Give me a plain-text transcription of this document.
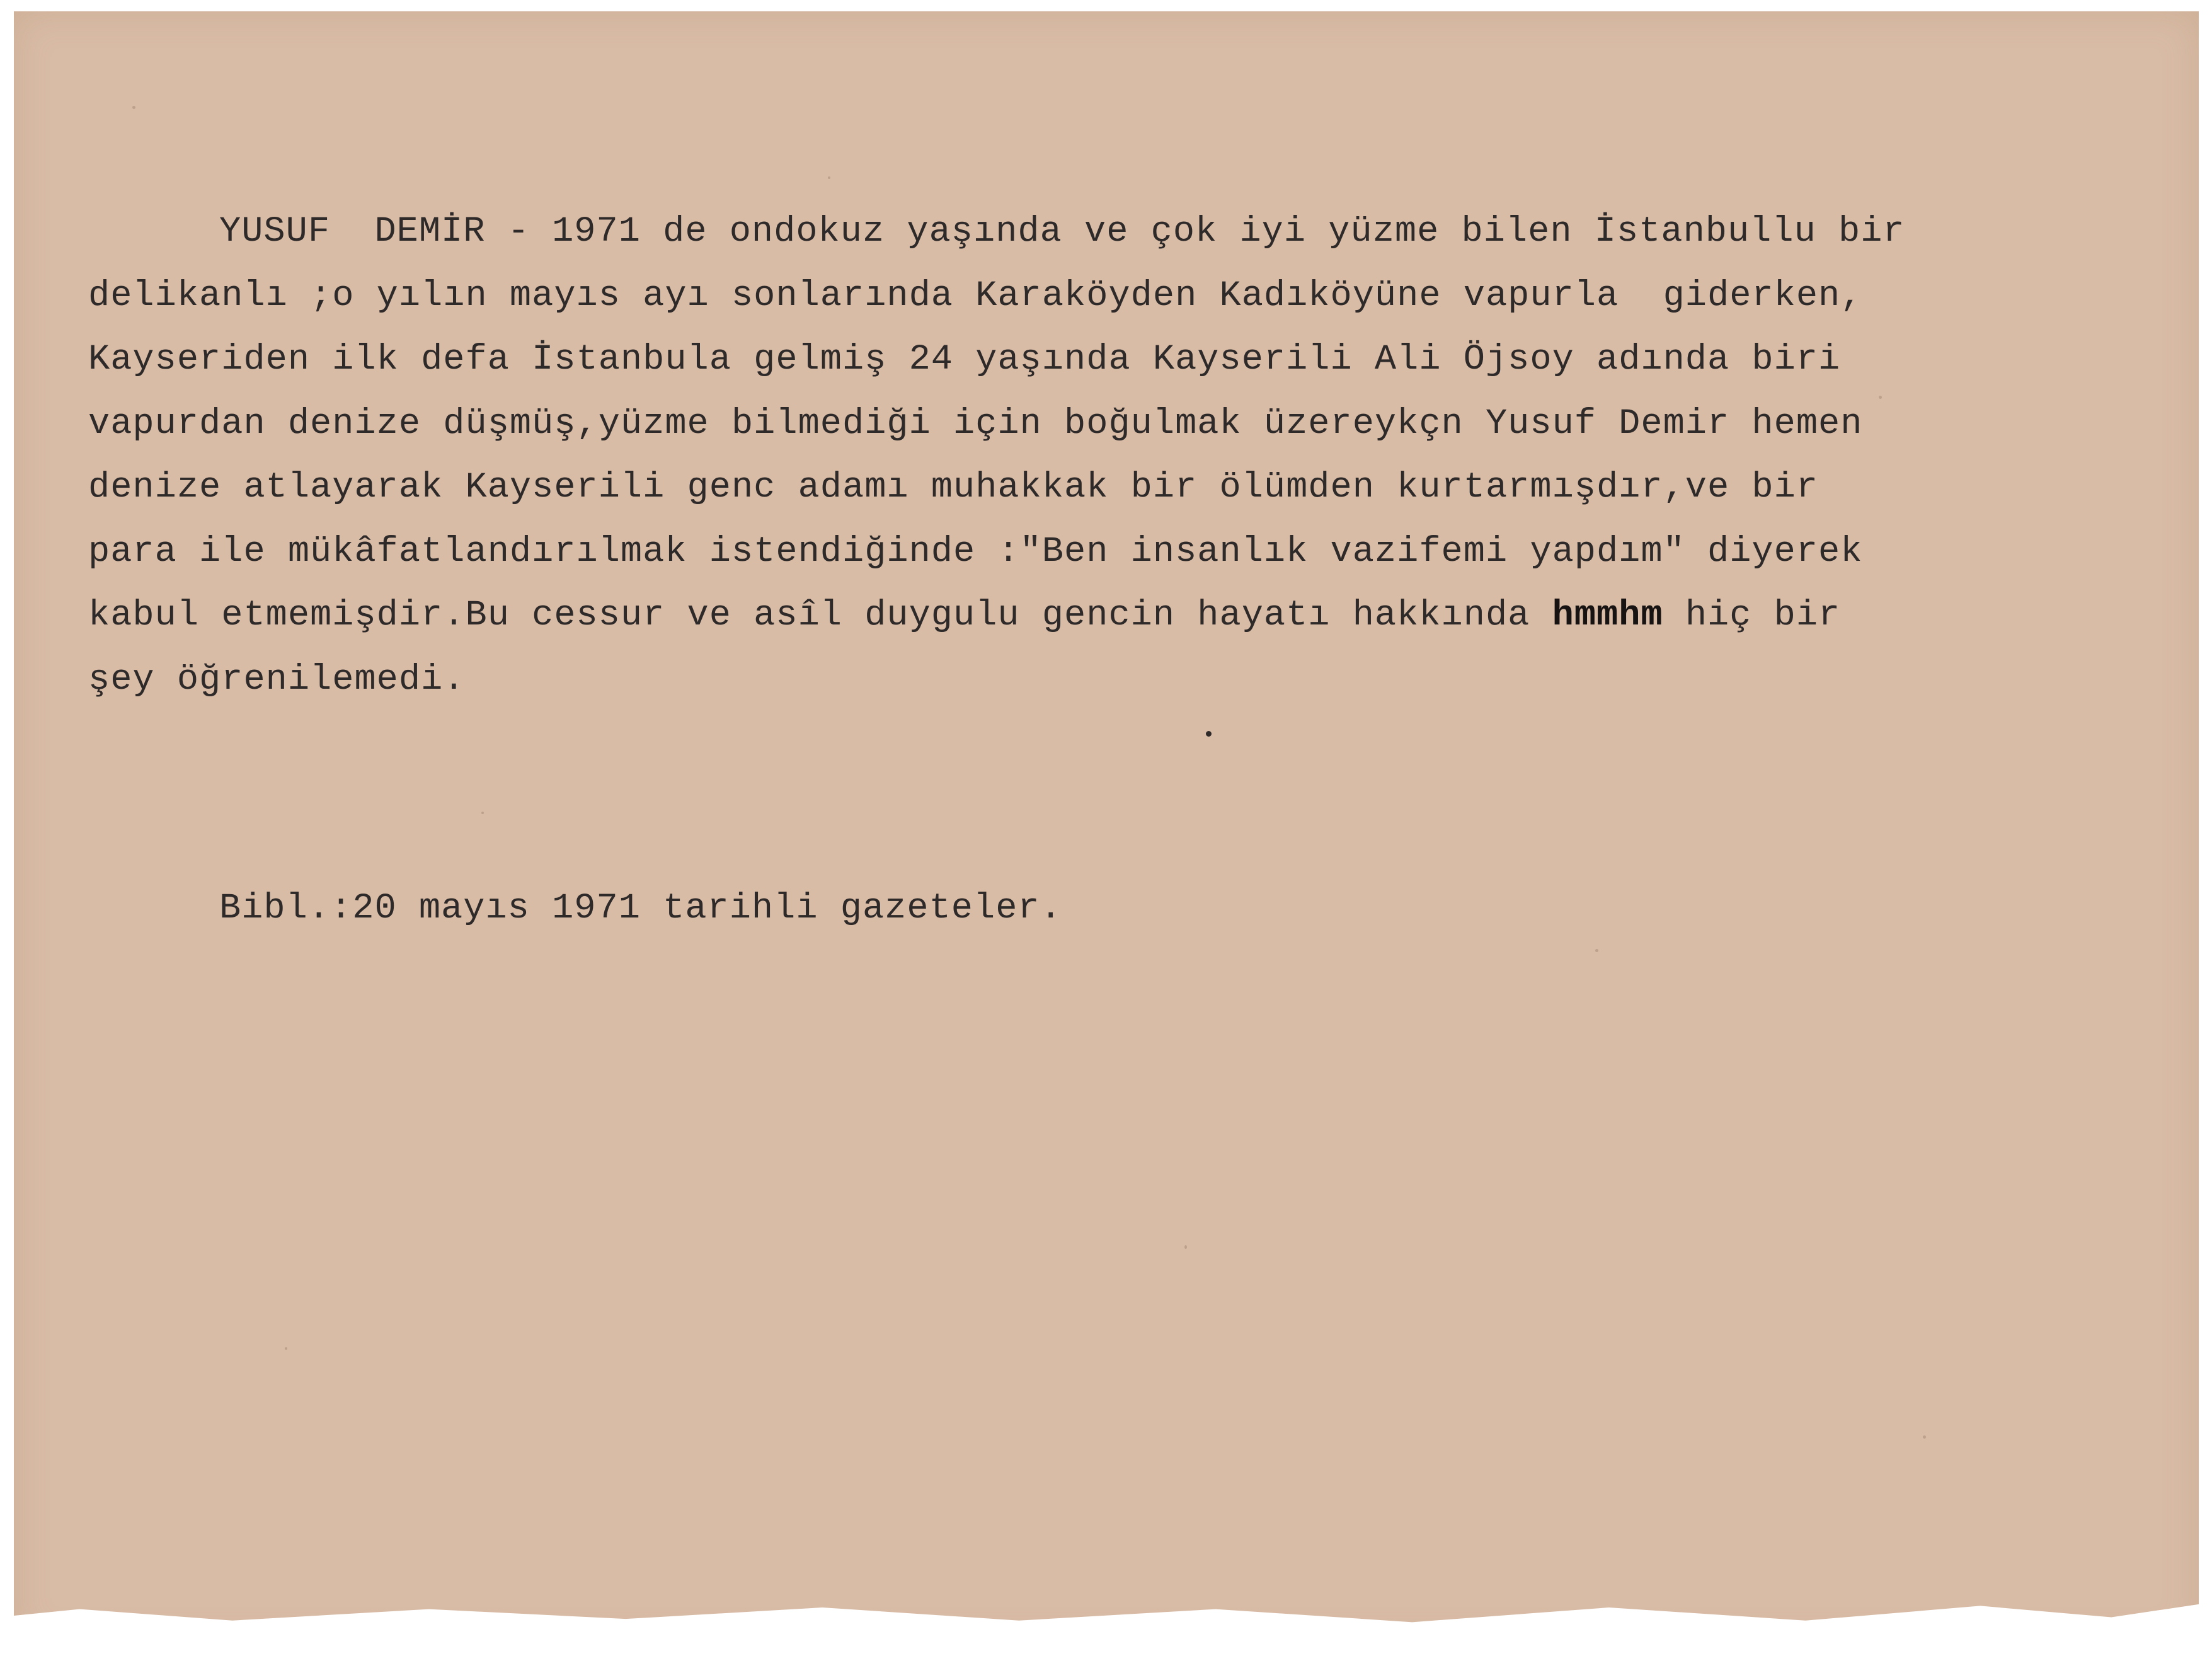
YUSUF  DEMİR - 1971 de ondokuz yaşında ve çok iyi yüzme bilen İstanbullu bir
delikanlı ;o yılın mayıs ayı sonlarında Karaköyden Kadıköyüne vapurla  giderken,
Kayseriden ilk defa İstanbula gelmiş 24 yaşında Kayserili Ali Öjsoy adında biri
vapurdan denize düşmüş,yüzme bilmediği için boğulmak üzereykçn Yusuf Demir hemen
denize atlayarak Kayserili genc adamı muhakkak bir ölümden kurtarmışdır,ve bir
para ile mükâfatlandırılmak istendiğinde :"Ben insanlık vazifemi yapdım" diyerek
kabul etmemişdir.Bu cessur ve asîl duygulu gencin hayatı hakkında hmmhm hiç bir
şey öğrenilemedi.
Bibl.:20 mayıs 1971 tarihli gazeteler.
